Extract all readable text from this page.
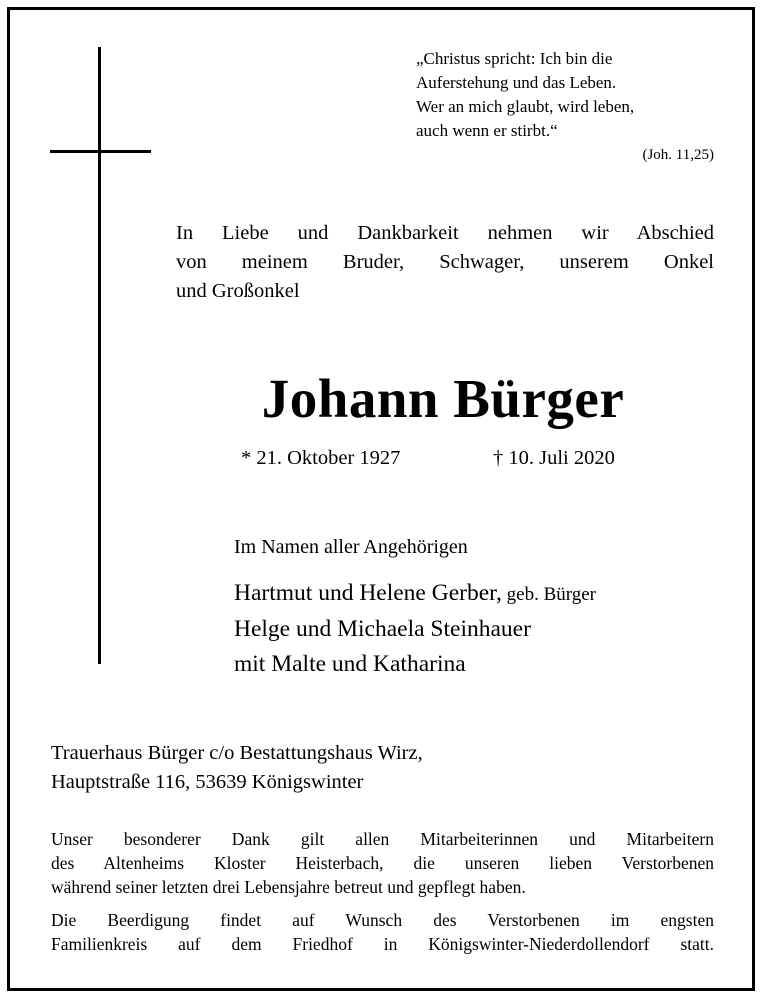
„Christus spricht: Ich bin die
Auferstehung und das Leben.
Wer an mich glaubt, wird leben,
auch wenn er stirbt.“
(Joh. 11,25)
In Liebe und Dankbarkeit nehmen wir Abschied
von meinem Bruder, Schwager, unserem Onkel
und Großonkel
Johann Bürger
* 21. Oktober 1927	† 10. Juli 2020
Im Namen aller Angehörigen
Hartmut und Helene Gerber, geb. Bürger
Helge und Michaela Steinhauer
mit Malte und Katharina
Trauerhaus Bürger c/o Bestattungshaus Wirz,
Hauptstraße 116, 53639 Königswinter
Unser besonderer Dank gilt allen Mitarbeiterinnen und Mitarbeitern
des Altenheims Kloster Heisterbach, die unseren lieben Verstorbenen
während seiner letzten drei Lebensjahre betreut und gepflegt haben.
Die Beerdigung findet auf Wunsch des Verstorbenen im engsten
Familienkreis auf dem Friedhof in Königswinter-Niederdollendorf statt.
